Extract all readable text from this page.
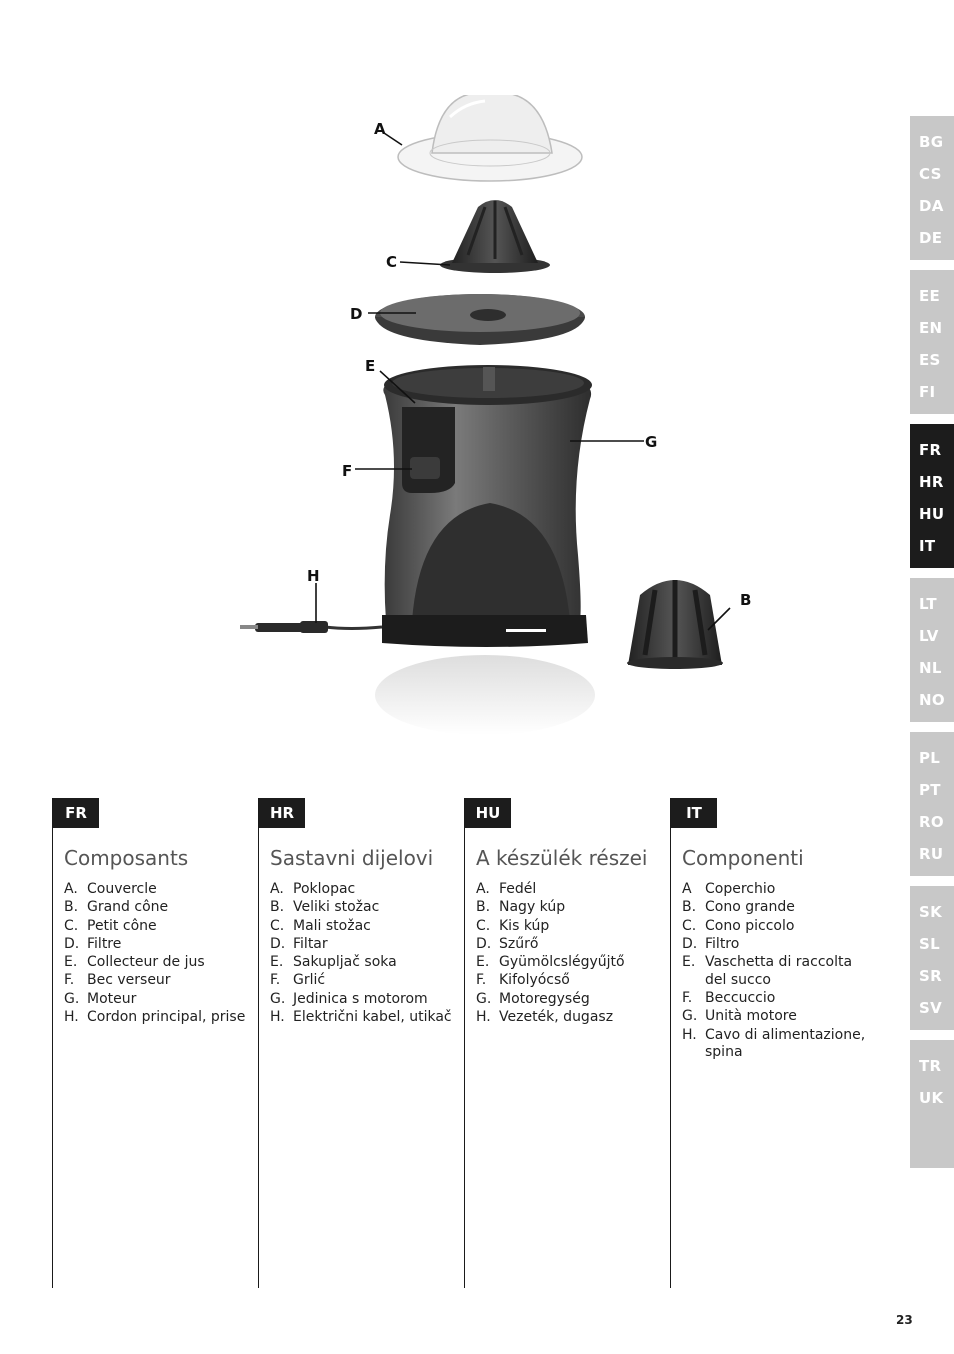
A
B
C
D
E
F
G
H
BG
CS
DA
DE
EE
EN
ES
FI
FR
HR
HU
IT
LT
LV
NL
NO
PL
PT
RO
RU
SK
SL
SR
SV
TR
UK
FR
Composants
A. Couvercle
B. Grand cône
C. Petit cône
D. Filtre
E. Collecteur de jus
F. Bec verseur
G. Moteur
H. Cordon principal, prise
HR
Sastavni dijelovi
A. Poklopac
B. Veliki stožac
C. Mali stožac
D. Filtar
E. Sakupljač soka
F. Grlić
G. Jedinica s motorom
H. Električni kabel, utikač
HU
A készülék részei
A. Fedél
B. Nagy kúp
C. Kis kúp
D. Szűrő
E. Gyümölcslégyűjtő
F. Kifolyócső
G. Motoregység
H. Vezeték, dugasz
IT
Componenti
A Coperchio
B. Cono grande
C. Cono piccolo
D. Filtro
E. Vaschetta di raccolta del succo
F. Beccuccio
G. Unità motore
H. Cavo di alimentazione, spina
23
